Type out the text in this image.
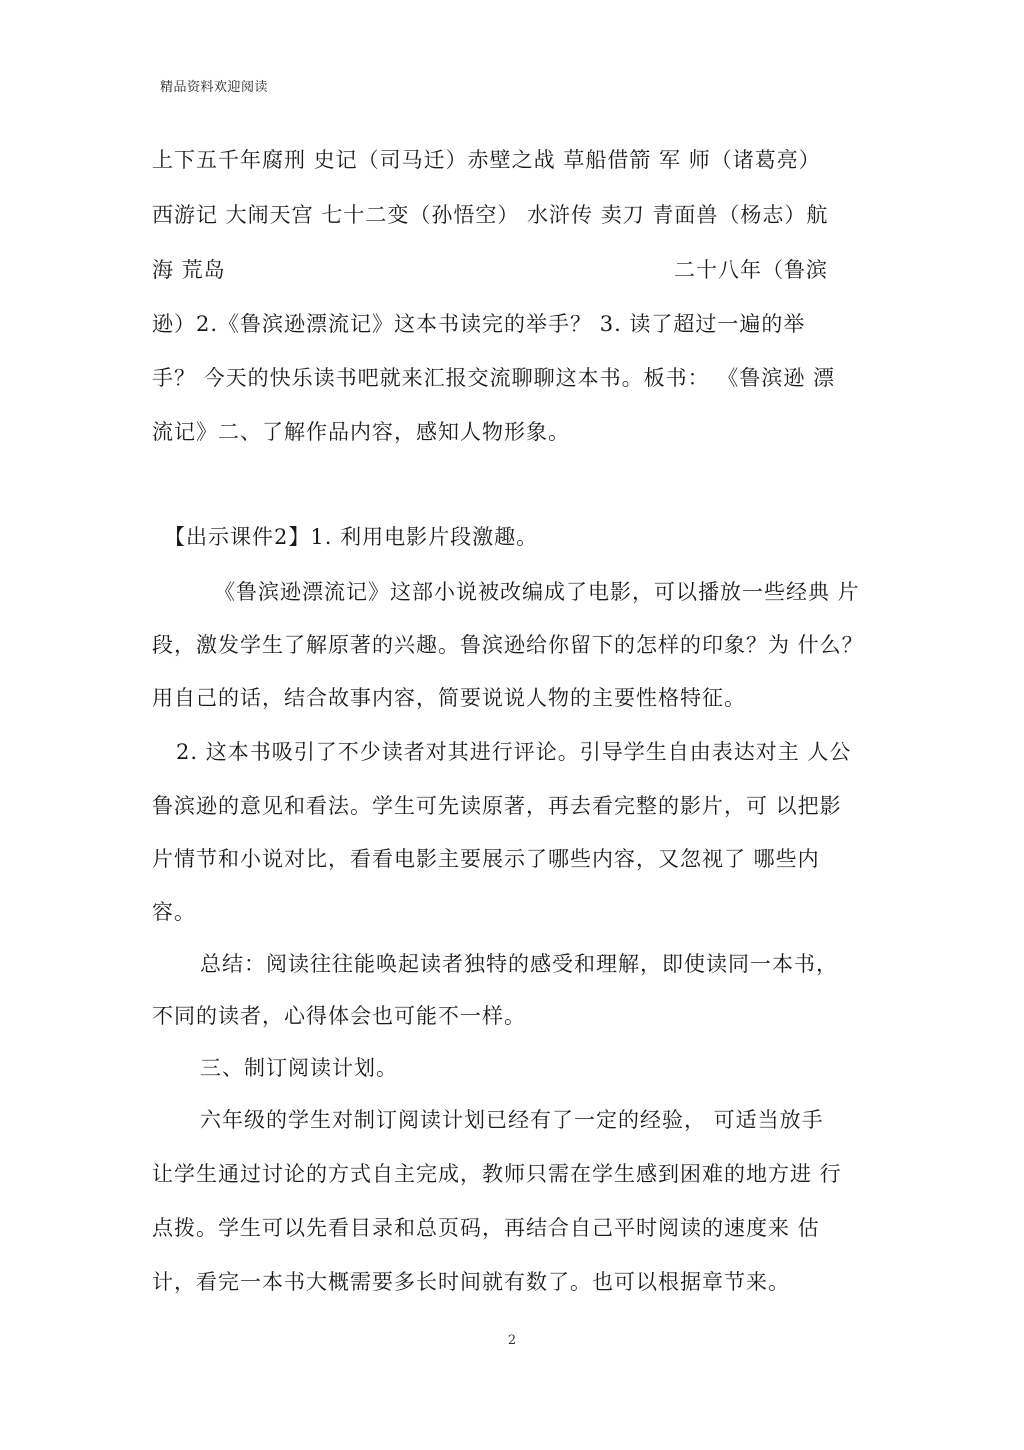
精品资料欢迎阅读
上下五千年腐刑 史记（司马迁）赤壁之战 草船借箭 军 师（诸葛亮）
西游记 大闹天宫 七十二变（孙悟空） 水浒传 卖刀 青面兽（杨志）航
海 荒岛	二十八年（鲁滨
逊）2.《鲁滨逊漂流记》这本书读完的举手？ 3. 读了超过一遍的举
手？ 今天的快乐读书吧就来汇报交流聊聊这本书。板书： 《鲁滨逊 漂
流记》二、了解作品内容，感知人物形象。
【出示课件2】1. 利用电影片段激趣。
《鲁滨逊漂流记》这部小说被改编成了电影，可以播放一些经典 片
段，激发学生了解原著的兴趣。鲁滨逊给你留下的怎样的印象？为 什么？
用自己的话，结合故事内容，简要说说人物的主要性格特征。
2. 这本书吸引了不少读者对其进行评论。引导学生自由表达对主 人公
鲁滨逊的意见和看法。学生可先读原著，再去看完整的影片，可 以把影
片情节和小说对比，看看电影主要展示了哪些内容，又忽视了 哪些内
容。
总结：阅读往往能唤起读者独特的感受和理解，即使读同一本书，
不同的读者，心得体会也可能不一样。
三、制订阅读计划。
六年级的学生对制订阅读计划已经有了一定的经验， 可适当放手
让学生通过讨论的方式自主完成，教师只需在学生感到困难的地方进 行
点拨。学生可以先看目录和总页码，再结合自己平时阅读的速度来 估
计，看完一本书大概需要多长时间就有数了。也可以根据章节来。
2
